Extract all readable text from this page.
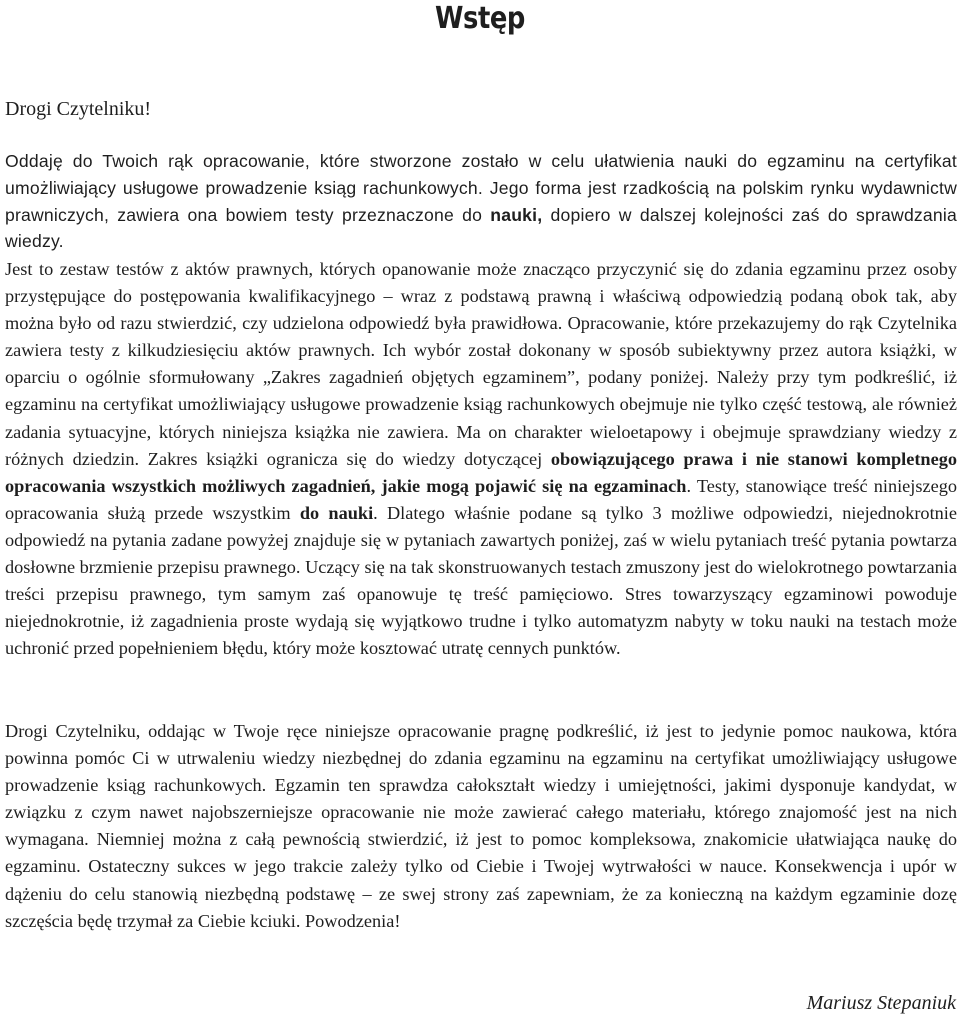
Wstęp

Drogi Czytelniku!

Oddaję do Twoich rąk opracowanie, które stworzone zostało w celu ułatwienia nauki do egzaminu na certyfikat umożliwiający usługowe prowadzenie ksiąg rachunkowych. Jego forma jest rzadkością na polskim rynku wydawnictw prawniczych, zawiera ona bowiem testy przeznaczone do nauki, dopiero w dalszej kolejności zaś do sprawdzania wiedzy.

Jest to zestaw testów z aktów prawnych, których opanowanie może znacząco przyczynić się do zdania egzaminu przez osoby przystępujące do postępowania kwalifikacyjnego – wraz z podstawą prawną i właściwą odpowiedzią podaną obok tak, aby można było od razu stwierdzić, czy udzielona odpowiedź była prawidłowa. Opracowanie, które przekazujemy do rąk Czytelnika zawiera testy z kilkudziesięciu aktów prawnych. Ich wybór został dokonany w sposób subiektywny przez autora książki, w oparciu o ogólnie sformułowany „Zakres zagadnień objętych egzaminem”, podany poniżej. Należy przy tym podkreślić, iż egzaminu na certyfikat umożliwiający usługowe prowadzenie ksiąg rachunkowych obejmuje nie tylko część testową, ale również zadania sytuacyjne, których niniejsza książka nie zawiera. Ma on charakter wieloetapowy i obejmuje sprawdziany wiedzy z różnych dziedzin. Zakres książki ogranicza się do wiedzy dotyczącej obowiązującego prawa i nie stanowi kompletnego opracowania wszystkich możliwych zagadnień, jakie mogą pojawić się na egzaminach. Testy, stanowiące treść niniejszego opracowania służą przede wszystkim do nauki. Dlatego właśnie podane są tylko 3 możliwe odpowiedzi, niejednokrotnie odpowiedź na pytania zadane powyżej znajduje się w pytaniach zawartych poniżej, zaś w wielu pytaniach treść pytania powtarza dosłowne brzmienie przepisu prawnego. Uczący się na tak skonstruowanych testach zmuszony jest do wielokrotnego powtarzania treści przepisu prawnego, tym samym zaś opanowuje tę treść pamięciowo. Stres towarzyszący egzaminowi powoduje niejednokrotnie, iż zagadnienia proste wydają się wyjątkowo trudne i tylko automatyzm nabyty w toku nauki na testach może uchronić przed popełnieniem błędu, który może kosztować utratę cennych punktów.

Drogi Czytelniku, oddając w Twoje ręce niniejsze opracowanie pragnę podkreślić, iż jest to jedynie pomoc naukowa, która powinna pomóc Ci w utrwaleniu wiedzy niezbędnej do zdania egzaminu na egzaminu na certyfikat umożliwiający usługowe prowadzenie ksiąg rachunkowych. Egzamin ten sprawdza całokształt wiedzy i umiejętności, jakimi dysponuje kandydat, w związku z czym nawet najobszerniejsze opracowanie nie może zawierać całego materiału, którego znajomość jest na nich wymagana. Niemniej można z całą pewnością stwierdzić, iż jest to pomoc kompleksowa, znakomicie ułatwiająca naukę do egzaminu. Ostateczny sukces w jego trakcie zależy tylko od Ciebie i Twojej wytrwałości w nauce. Konsekwencja i upór w dążeniu do celu stanowią niezbędną podstawę – ze swej strony zaś zapewniam, że za konieczną na każdym egzaminie dozę szczęścia będę trzymał za Ciebie kciuki. Powodzenia!

Mariusz Stepaniuk
